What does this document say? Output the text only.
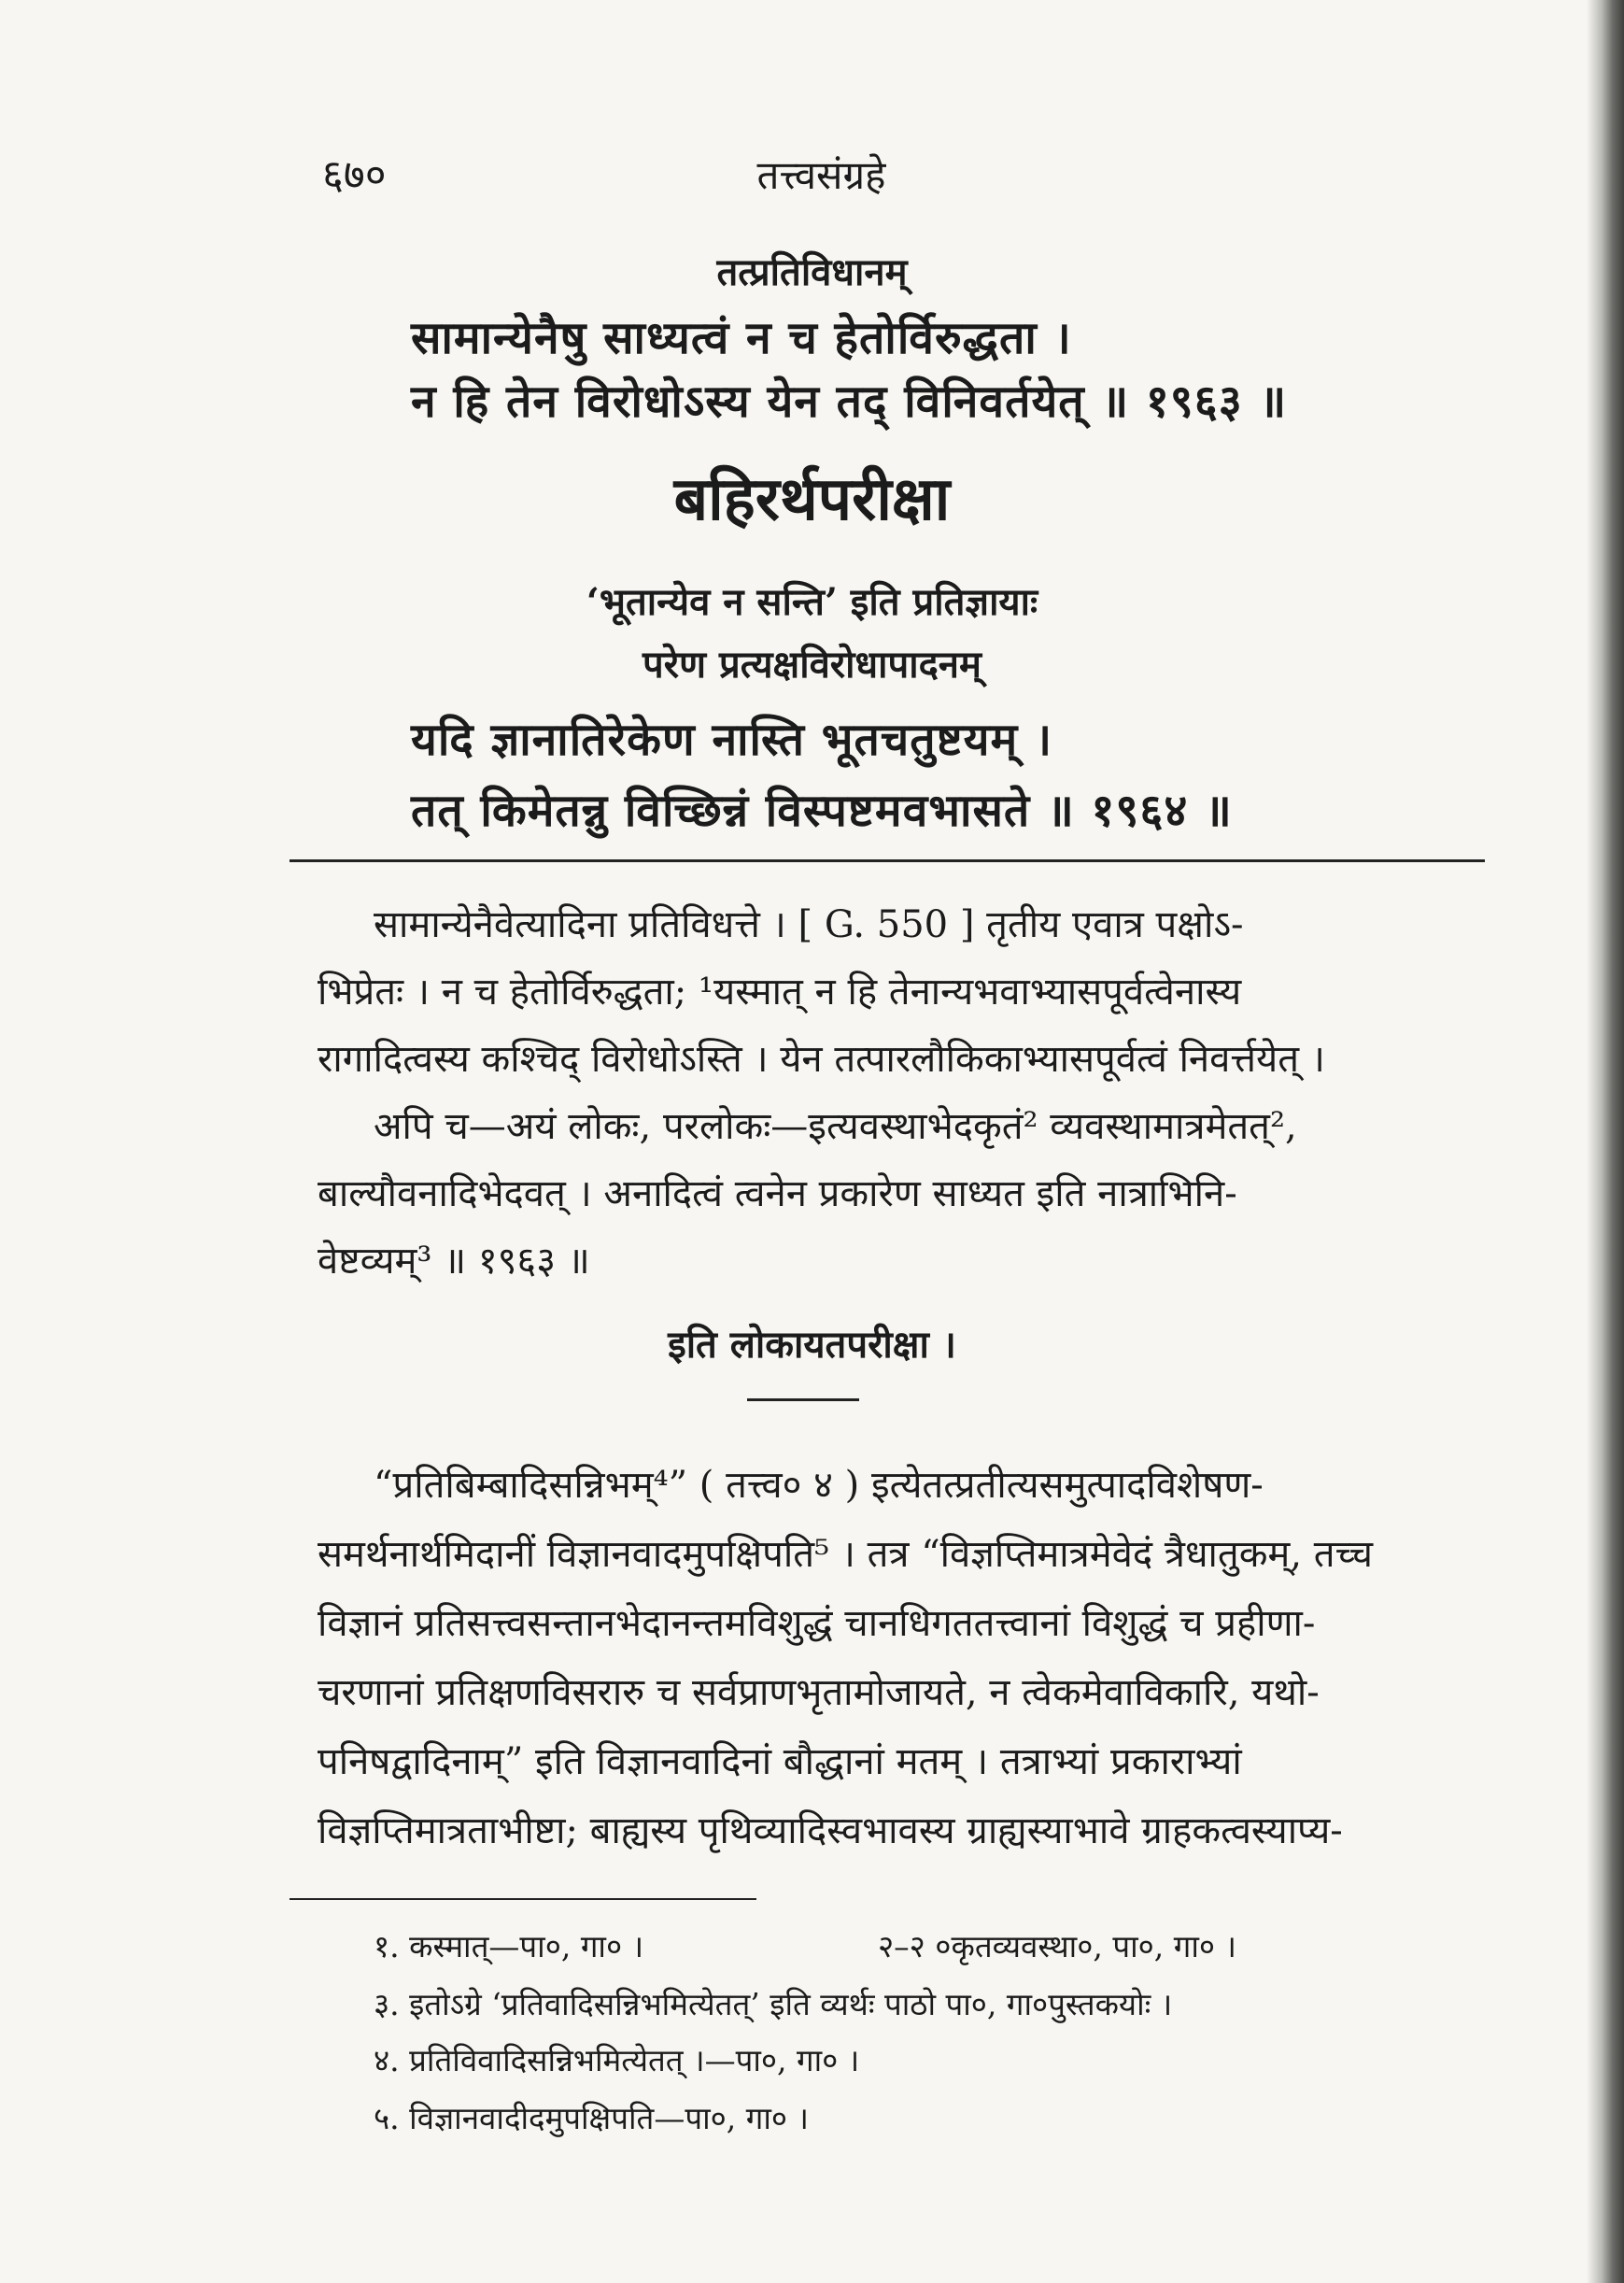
६७०	तत्त्वसंग्रहे
तत्प्रतिविधानम्
सामान्येनैषु साध्यत्वं न च हेतोर्विरुद्धता ।
न हि तेन विरोधोऽस्य येन तद् विनिवर्तयेत् ॥ १९६३ ॥
बहिरर्थपरीक्षा
‘भूतान्येव न सन्ति’ इति प्रतिज्ञायाः
परेण प्रत्यक्षविरोधापादनम्
यदि ज्ञानातिरेकेण नास्ति भूतचतुष्टयम् ।
तत् किमेतन्नु विच्छिन्नं विस्पष्टमवभासते ॥ १९६४ ॥
सामान्येनैवेत्यादिना प्रतिविधत्ते । [ G. 550 ] तृतीय एवात्र पक्षोऽ-
भिप्रेतः । न च हेतोर्विरुद्धता; ¹यस्मात् न हि तेनान्यभवाभ्यासपूर्वत्वेनास्य
रागादित्वस्य कश्चिद् विरोधोऽस्ति । येन तत्पारलौकिकाभ्यासपूर्वत्वं निवर्त्तयेत् ।
अपि च—अयं लोकः, परलोकः—इत्यवस्थाभेदकृतं² व्यवस्थामात्रमेतत्²,
बाल्यौवनादिभेदवत् । अनादित्वं त्वनेन प्रकारेण साध्यत इति नात्राभिनि-
वेष्टव्यम्³ ॥ १९६३ ॥
इति लोकायतपरीक्षा ।
“प्रतिबिम्बादिसन्निभम्⁴” ( तत्त्व० ४ ) इत्येतत्प्रतीत्यसमुत्पादविशेषण-
समर्थनार्थमिदानीं विज्ञानवादमुपक्षिपति⁵ । तत्र “विज्ञप्तिमात्रमेवेदं त्रैधातुकम्, तच्च
विज्ञानं प्रतिसत्त्वसन्तानभेदानन्तमविशुद्धं चानधिगततत्त्वानां विशुद्धं च प्रहीणा-
चरणानां प्रतिक्षणविसरारु च सर्वप्राणभृतामोजायते, न त्वेकमेवाविकारि, यथो-
पनिषद्वादिनाम्” इति विज्ञानवादिनां बौद्धानां मतम् । तत्राभ्यां प्रकाराभ्यां
विज्ञप्तिमात्रताभीष्टा; बाह्यस्य पृथिव्यादिस्वभावस्य ग्राह्यस्याभावे ग्राहकत्वस्याप्य-
१. कस्मात्—पा०, गा० ।	२–२ ०कृतव्यवस्था०, पा०, गा० ।
३. इतोऽग्रे ‘प्रतिवादिसन्निभमित्येतत्’ इति व्यर्थः पाठो पा०, गा०पुस्तकयोः ।
४. प्रतिविवादिसन्निभमित्येतत् ।—पा०, गा० ।
५. विज्ञानवादीदमुपक्षिपति—पा०, गा० ।
